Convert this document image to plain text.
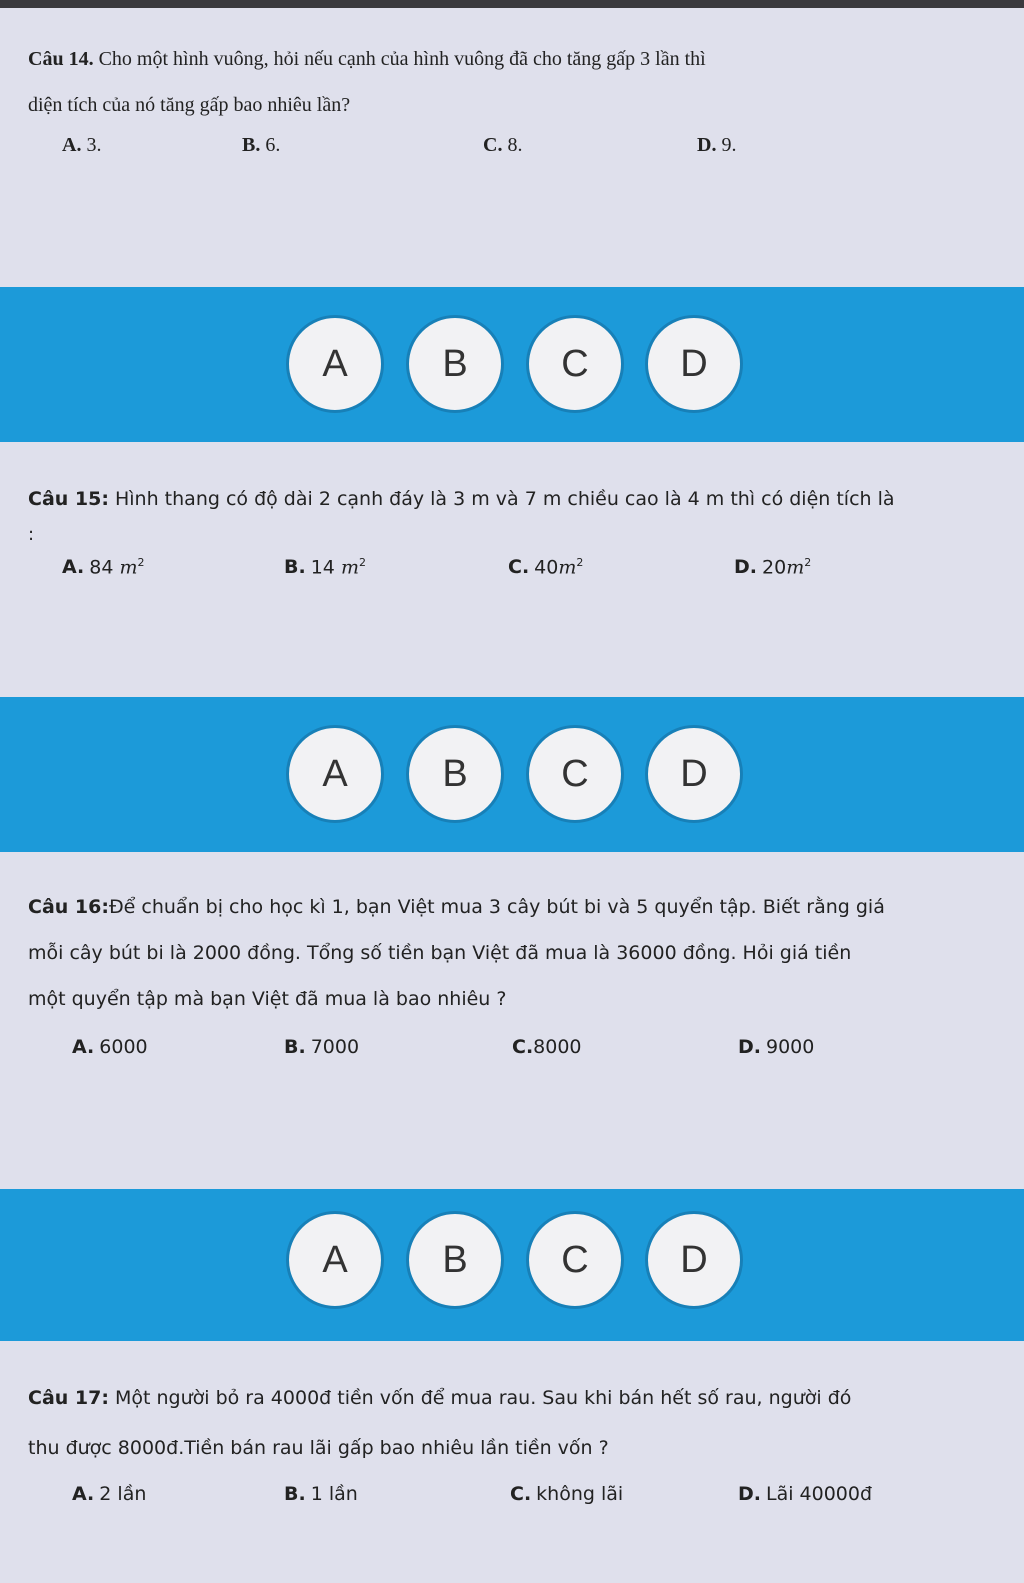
Câu 14. Cho một hình vuông, hỏi nếu cạnh của hình vuông đã cho tăng gấp 3 lần thì
diện tích của nó tăng gấp bao nhiêu lần?
A. 3.	B. 6.	C. 8.	D. 9.
A	B	C	D
Câu 15: Hình thang có độ dài 2 cạnh đáy là 3 m và 7 m chiều cao là 4 m thì có diện tích là
:
A. 84 $m^2$	B. 14 $m^2$	C. $40m^2$	D. $20m^2$
A	B	C	D
Câu 16:Để chuẩn bị cho học kì 1, bạn Việt mua 3 cây bút bi và 5 quyển tập. Biết rằng giá
mỗi cây bút bi là 2000 đồng. Tổng số tiền bạn Việt đã mua là 36000 đồng. Hỏi giá tiền
một quyển tập mà bạn Việt đã mua là bao nhiêu ?
A. 6000	B. 7000	C.8000	D. 9000
A	B	C	D
Câu 17: Một người bỏ ra 4000đ tiền vốn để mua rau. Sau khi bán hết số rau, người đó
thu được 8000đ.Tiền bán rau lãi gấp bao nhiêu lần tiền vốn ?
A. 2 lần	B. 1 lần	C. không lãi	D. Lãi 40000đ
